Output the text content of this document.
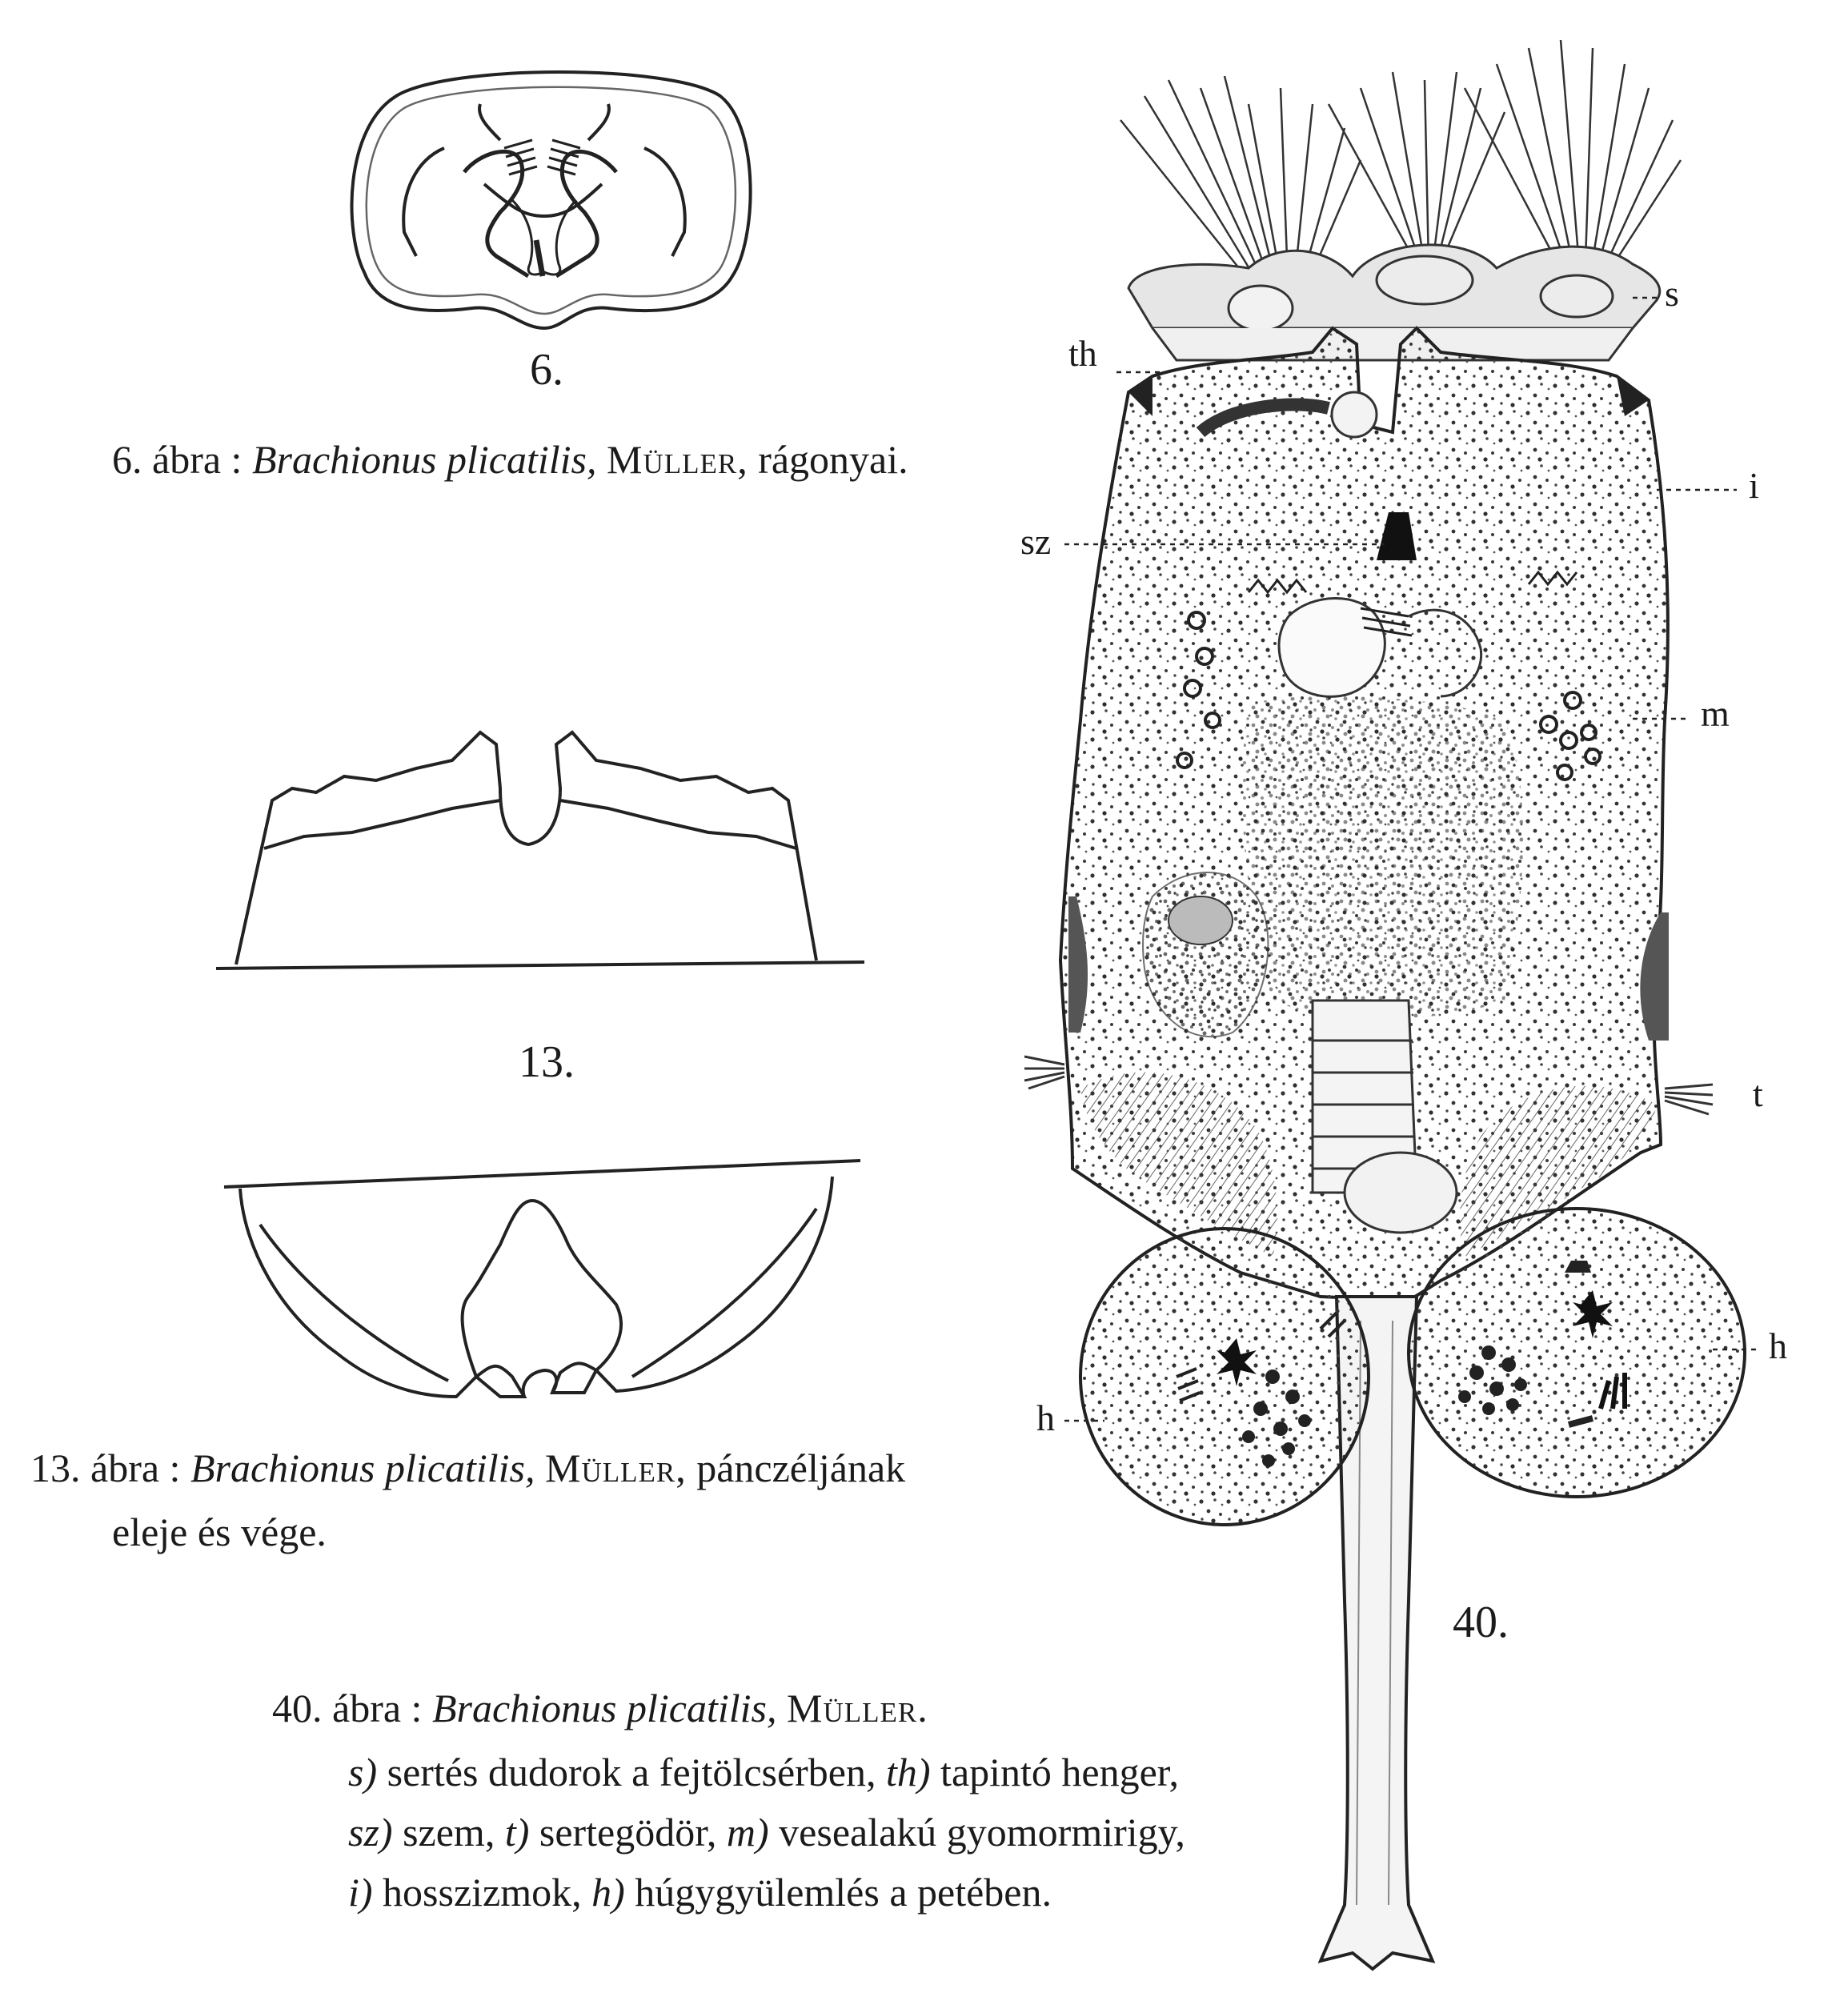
6.
13.
40.
s
th
i
sz
m
t
h
h
6. ábra : Brachionus plicatilis, Müller, rágonyai.
13. ábra : Brachionus plicatilis, Müller, pánczéljának
eleje és vége.
40. ábra : Brachionus plicatilis, Müller.
s) sertés dudorok a fejtölcsérben, th) tapintó henger,
sz) szem, t) sertegödör, m) vesealakú gyomormirigy,
i) hosszizmok, h) húgygyülemlés a petében.
